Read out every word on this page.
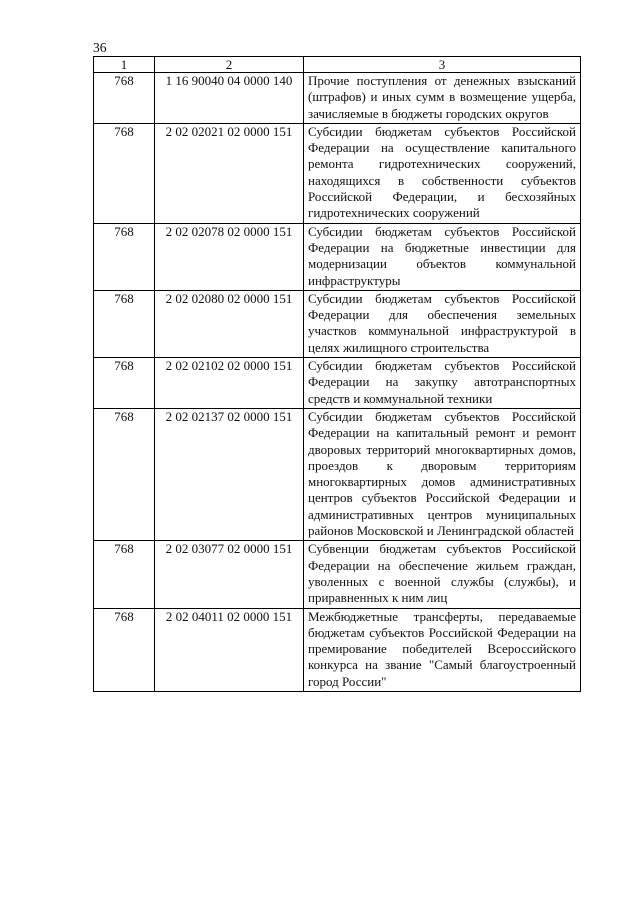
36
1	2	3
768	1 16 90040 04 0000 140	Прочие поступления от денежных взысканий (штрафов) и иных сумм в возмещение ущерба, зачисляемые в бюджеты городских округов
768	2 02 02021 02 0000 151	Субсидии бюджетам субъектов Российской Федерации на осуществление капитального ремонта гидротехнических сооружений, находящихся в собственности субъектов Российской Федерации, и бесхозяйных гидротехнических сооружений
768	2 02 02078 02 0000 151	Субсидии бюджетам субъектов Российской Федерации на бюджетные инвестиции для модернизации объектов коммунальной инфраструктуры
768	2 02 02080 02 0000 151	Субсидии бюджетам субъектов Российской Федерации для обеспечения земельных участков коммунальной инфраструктурой в целях жилищного строительства
768	2 02 02102 02 0000 151	Субсидии бюджетам субъектов Российской Федерации на закупку автотранспортных средств и коммунальной техники
768	2 02 02137 02 0000 151	Субсидии бюджетам субъектов Российской Федерации на капитальный ремонт и ремонт дворовых территорий многоквартирных домов, проездов к дворовым территориям многоквартирных домов административных центров субъектов Российской Федерации и административных центров муниципальных районов Московской и Ленинградской областей
768	2 02 03077 02 0000 151	Субвенции бюджетам субъектов Российской Федерации на обеспечение жильем граждан, уволенных с военной службы (службы), и приравненных к ним лиц
768	2 02 04011 02 0000 151	Межбюджетные трансферты, передаваемые бюджетам субъектов Российской Федерации на премирование победителей Всероссийского конкурса на звание "Самый благоустроенный город России"
